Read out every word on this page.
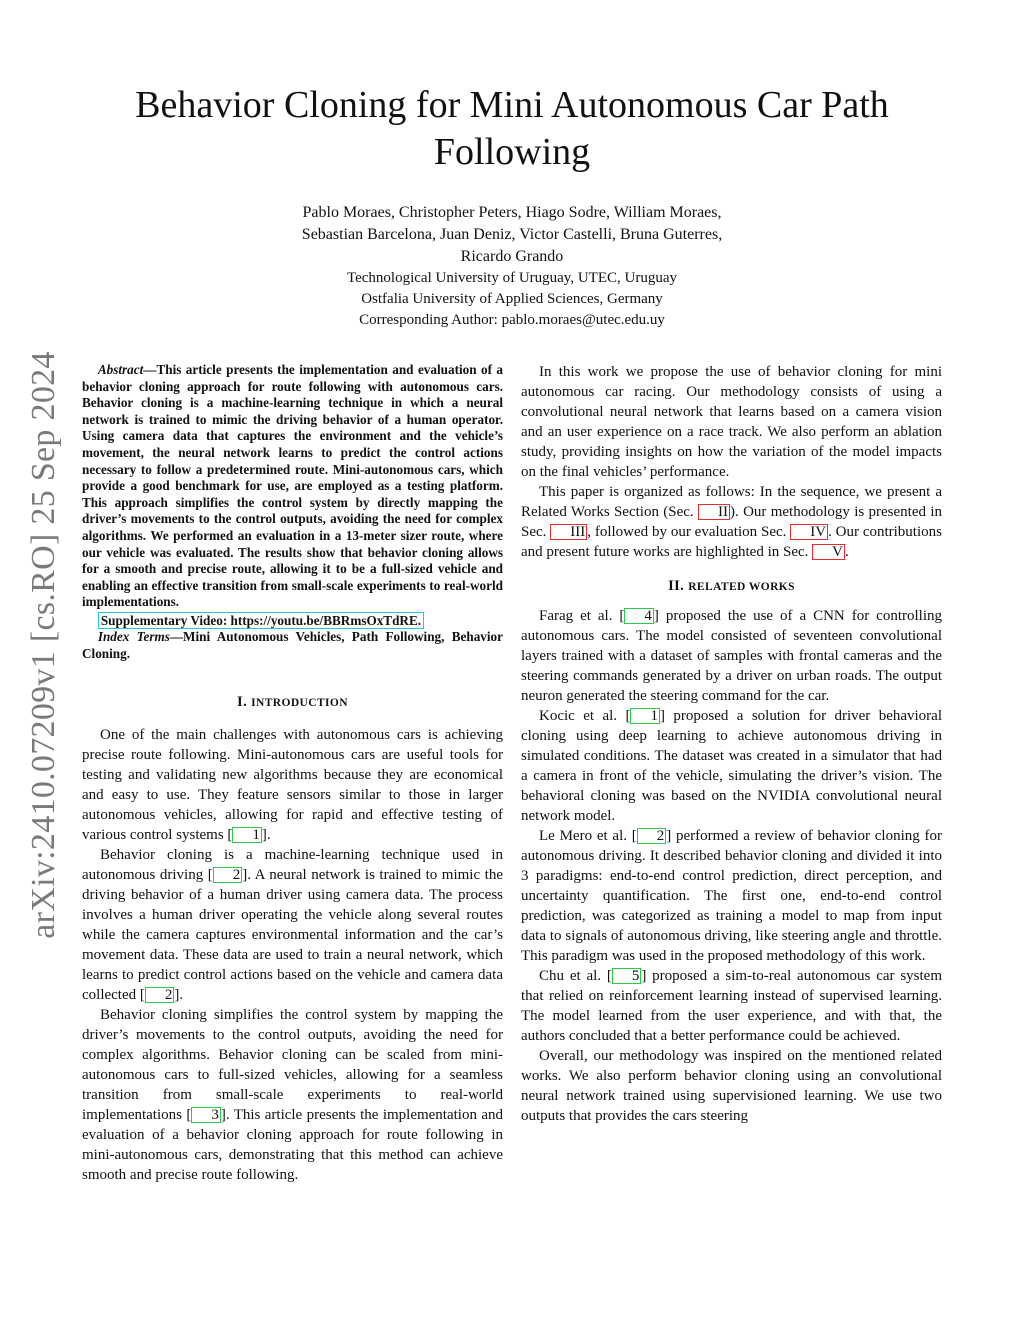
arXiv:2410.07209v1 [cs.RO] 25 Sep 2024
Behavior Cloning for Mini Autonomous Car Path Following
Pablo Moraes, Christopher Peters, Hiago Sodre, William Moraes,
Sebastian Barcelona, Juan Deniz, Victor Castelli, Bruna Guterres,
Ricardo Grando
Technological University of Uruguay, UTEC, Uruguay
Ostfalia University of Applied Sciences, Germany
Corresponding Author: pablo.moraes@utec.edu.uy

Abstract—This article presents the implementation and evaluation of a behavior cloning approach for route following with autonomous cars. Behavior cloning is a machine-learning technique in which a neural network is trained to mimic the driving behavior of a human operator. Using camera data that captures the environment and the vehicle’s movement, the neural network learns to predict the control actions necessary to follow a predetermined route. Mini-autonomous cars, which provide a good benchmark for use, are employed as a testing platform. This approach simplifies the control system by directly mapping the driver’s movements to the control outputs, avoiding the need for complex algorithms. We performed an evaluation in a 13-meter sizer route, where our vehicle was evaluated. The results show that behavior cloning allows for a smooth and precise route, allowing it to be a full-sized vehicle and enabling an effective transition from small-scale experiments to real-world implementations.

Supplementary Video: https://youtu.be/BBRmsOxTdRE.

Index Terms—Mini Autonomous Vehicles, Path Following, Behavior Cloning.

I. INTRODUCTION

One of the main challenges with autonomous cars is achieving precise route following. Mini-autonomous cars are useful tools for testing and validating new algorithms because they are economical and easy to use. They feature sensors similar to those in larger autonomous vehicles, allowing for rapid and effective testing of various control systems [ 1 ].

Behavior cloning is a machine-learning technique used in autonomous driving [ 2 ]. A neural network is trained to mimic the driving behavior of a human driver using camera data. The process involves a human driver operating the vehicle along several routes while the camera captures environmental information and the car’s movement data. These data are used to train a neural network, which learns to predict control actions based on the vehicle and camera data collected [ 2 ].

Behavior cloning simplifies the control system by mapping the driver’s movements to the control outputs, avoiding the need for complex algorithms. Behavior cloning can be scaled from mini-autonomous cars to full-sized vehicles, allowing for a seamless transition from small-scale experiments to real-world implementations [ 3 ]. This article presents the implementation and evaluation of a behavior cloning approach for route following in mini-autonomous cars, demonstrating that this method can achieve smooth and precise route following.

In this work we propose the use of behavior cloning for mini autonomous car racing. Our methodology consists of using a convolutional neural network that learns based on a camera vision and an user experience on a race track. We also perform an ablation study, providing insights on how the variation of the model impacts on the final vehicles’ performance.

This paper is organized as follows: In the sequence, we present a Related Works Section (Sec. II ). Our methodology is presented in Sec. III , followed by our evaluation Sec. IV . Our contributions and present future works are highlighted in Sec. V .

II. RELATED WORKS

Farag et al. [ 4 ] proposed the use of a CNN for controlling autonomous cars. The model consisted of seventeen convolutional layers trained with a dataset of samples with frontal cameras and the steering commands generated by a driver on urban roads. The output neuron generated the steering command for the car.

Kocic et al. [ 1 ] proposed a solution for driver behavioral cloning using deep learning to achieve autonomous driving in simulated conditions. The dataset was created in a simulator that had a camera in front of the vehicle, simulating the driver’s vision. The behavioral cloning was based on the NVIDIA convolutional neural network model.

Le Mero et al. [ 2 ] performed a review of behavior cloning for autonomous driving. It described behavior cloning and divided it into 3 paradigms: end-to-end control prediction, direct perception, and uncertainty quantification. The first one, end-to-end control prediction, was categorized as training a model to map from input data to signals of autonomous driving, like steering angle and throttle. This paradigm was used in the proposed methodology of this work.

Chu et al. [ 5 ] proposed a sim-to-real autonomous car system that relied on reinforcement learning instead of supervised learning. The model learned from the user experience, and with that, the authors concluded that a better performance could be achieved.

Overall, our methodology was inspired on the mentioned related works. We also perform behavior cloning using an convolutional neural network trained using supervisioned learning. We use two outputs that provides the cars steering
